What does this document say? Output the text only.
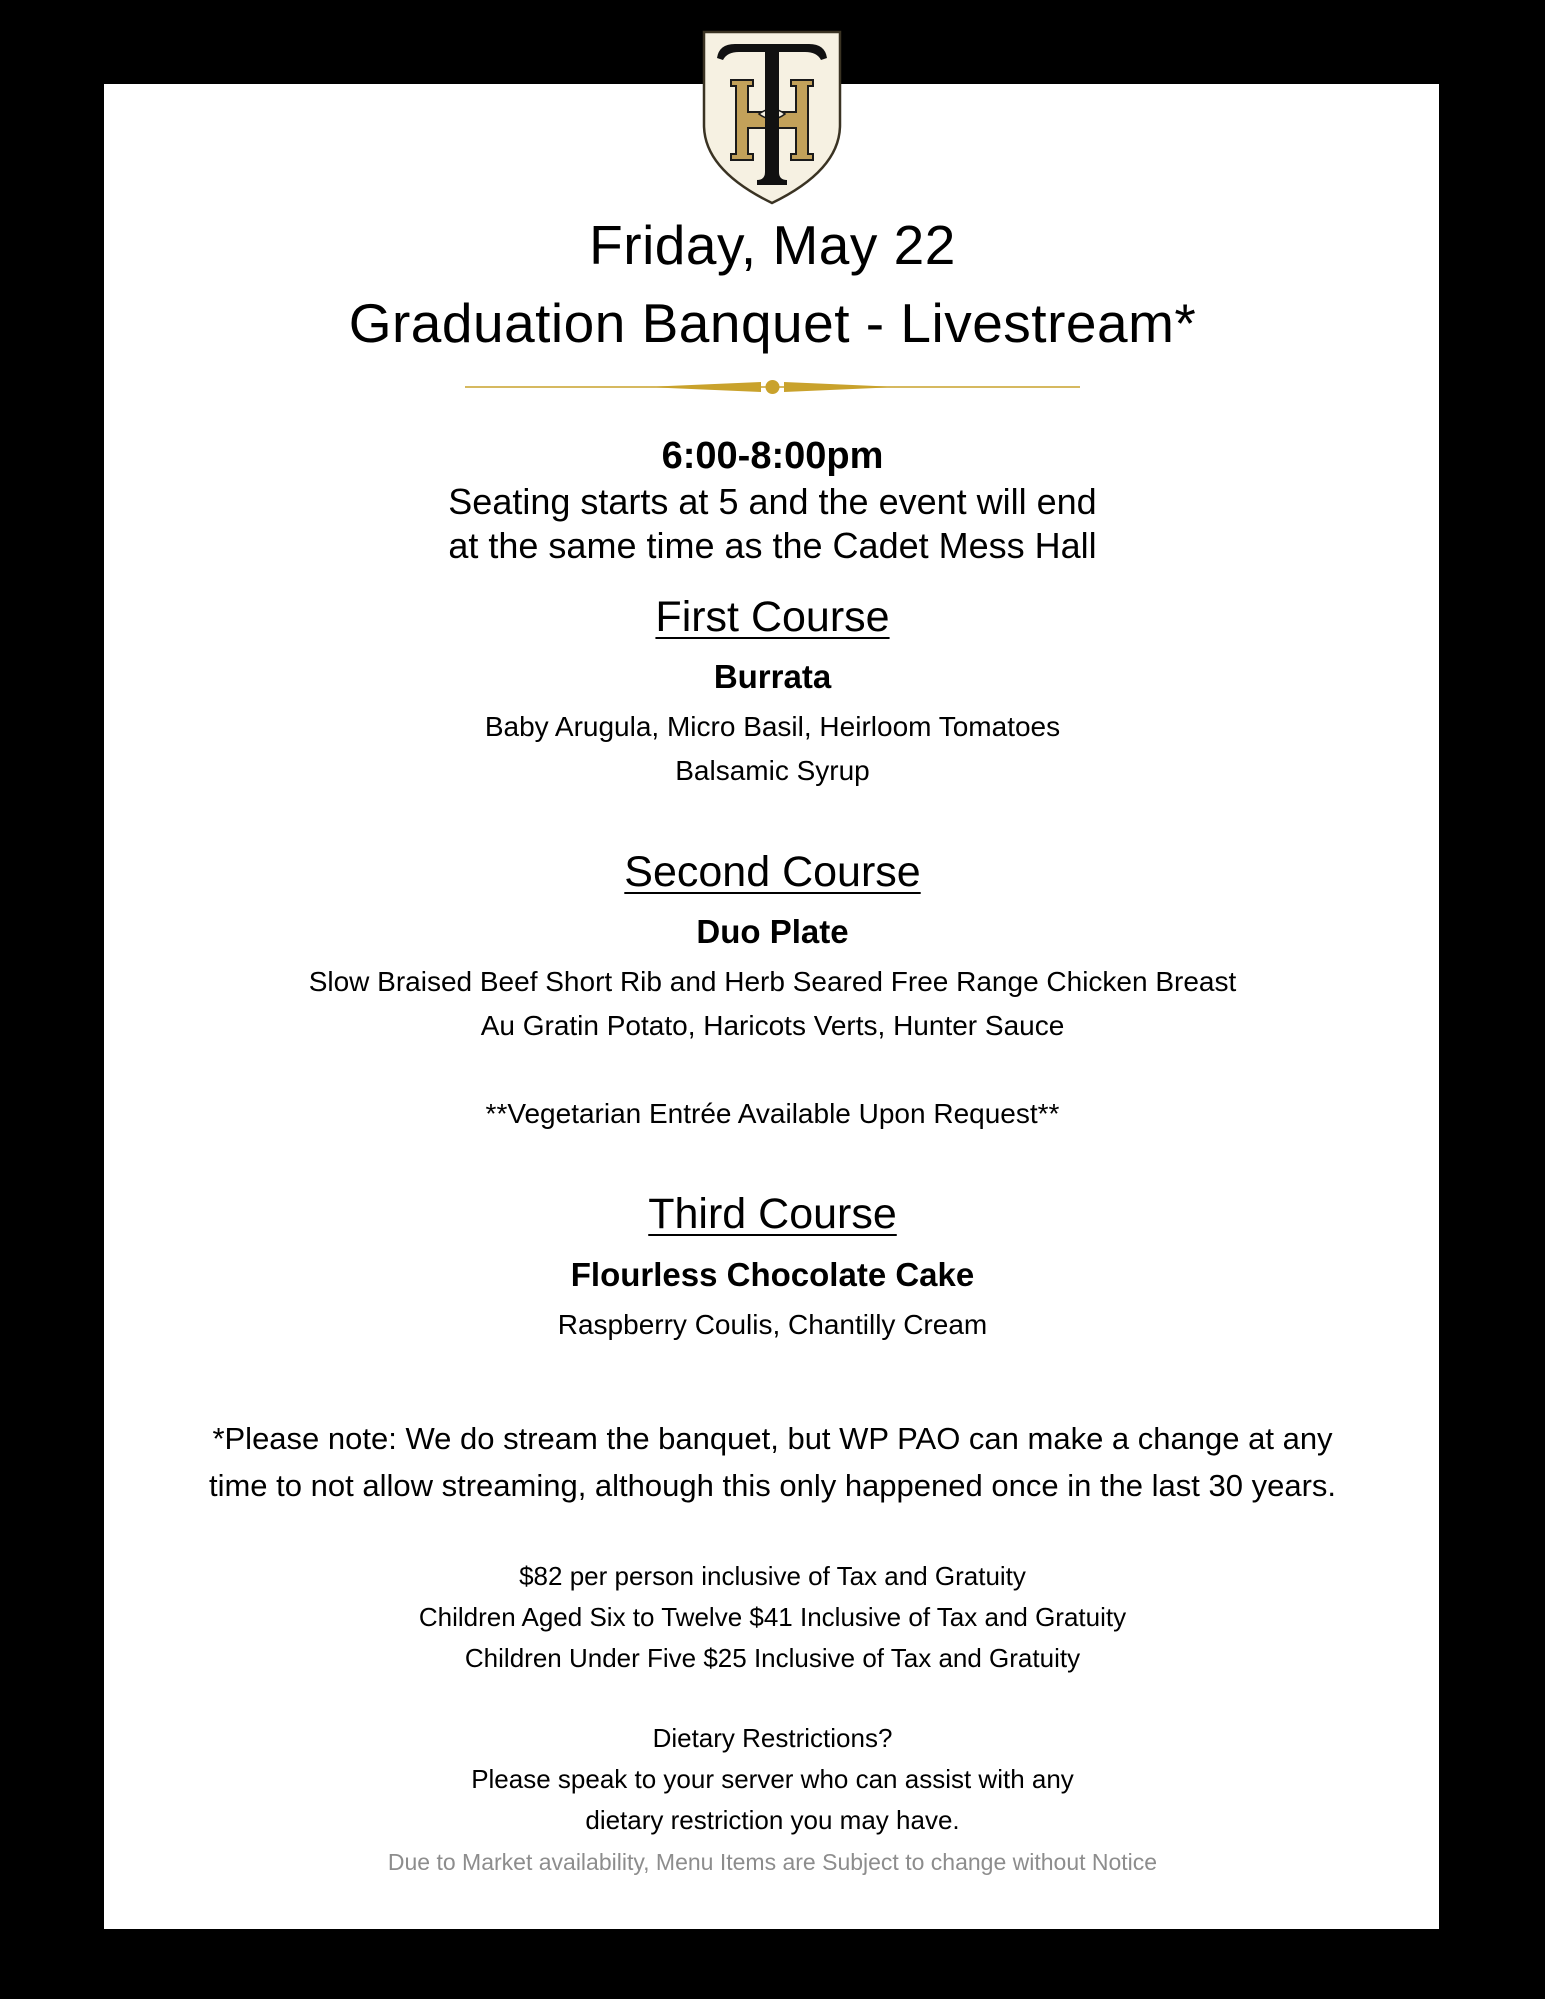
Friday, May 22
Graduation Banquet - Livestream*
6:00-8:00pm
Seating starts at 5 and the event will end
at the same time as the Cadet Mess Hall
First Course
Burrata
Baby Arugula, Micro Basil, Heirloom Tomatoes
Balsamic Syrup
Second Course
Duo Plate
Slow Braised Beef Short Rib and Herb Seared Free Range Chicken Breast
Au Gratin Potato, Haricots Verts, Hunter Sauce
**Vegetarian Entrée Available Upon Request**
Third Course
Flourless Chocolate Cake
Raspberry Coulis, Chantilly Cream
*Please note: We do stream the banquet, but WP PAO can make a change at any
time to not allow streaming, although this only happened once in the last 30 years.
$82 per person inclusive of Tax and Gratuity
Children Aged Six to Twelve $41 Inclusive of Tax and Gratuity
Children Under Five $25 Inclusive of Tax and Gratuity
Dietary Restrictions?
Please speak to your server who can assist with any
dietary restriction you may have.
Due to Market availability, Menu Items are Subject to change without Notice
